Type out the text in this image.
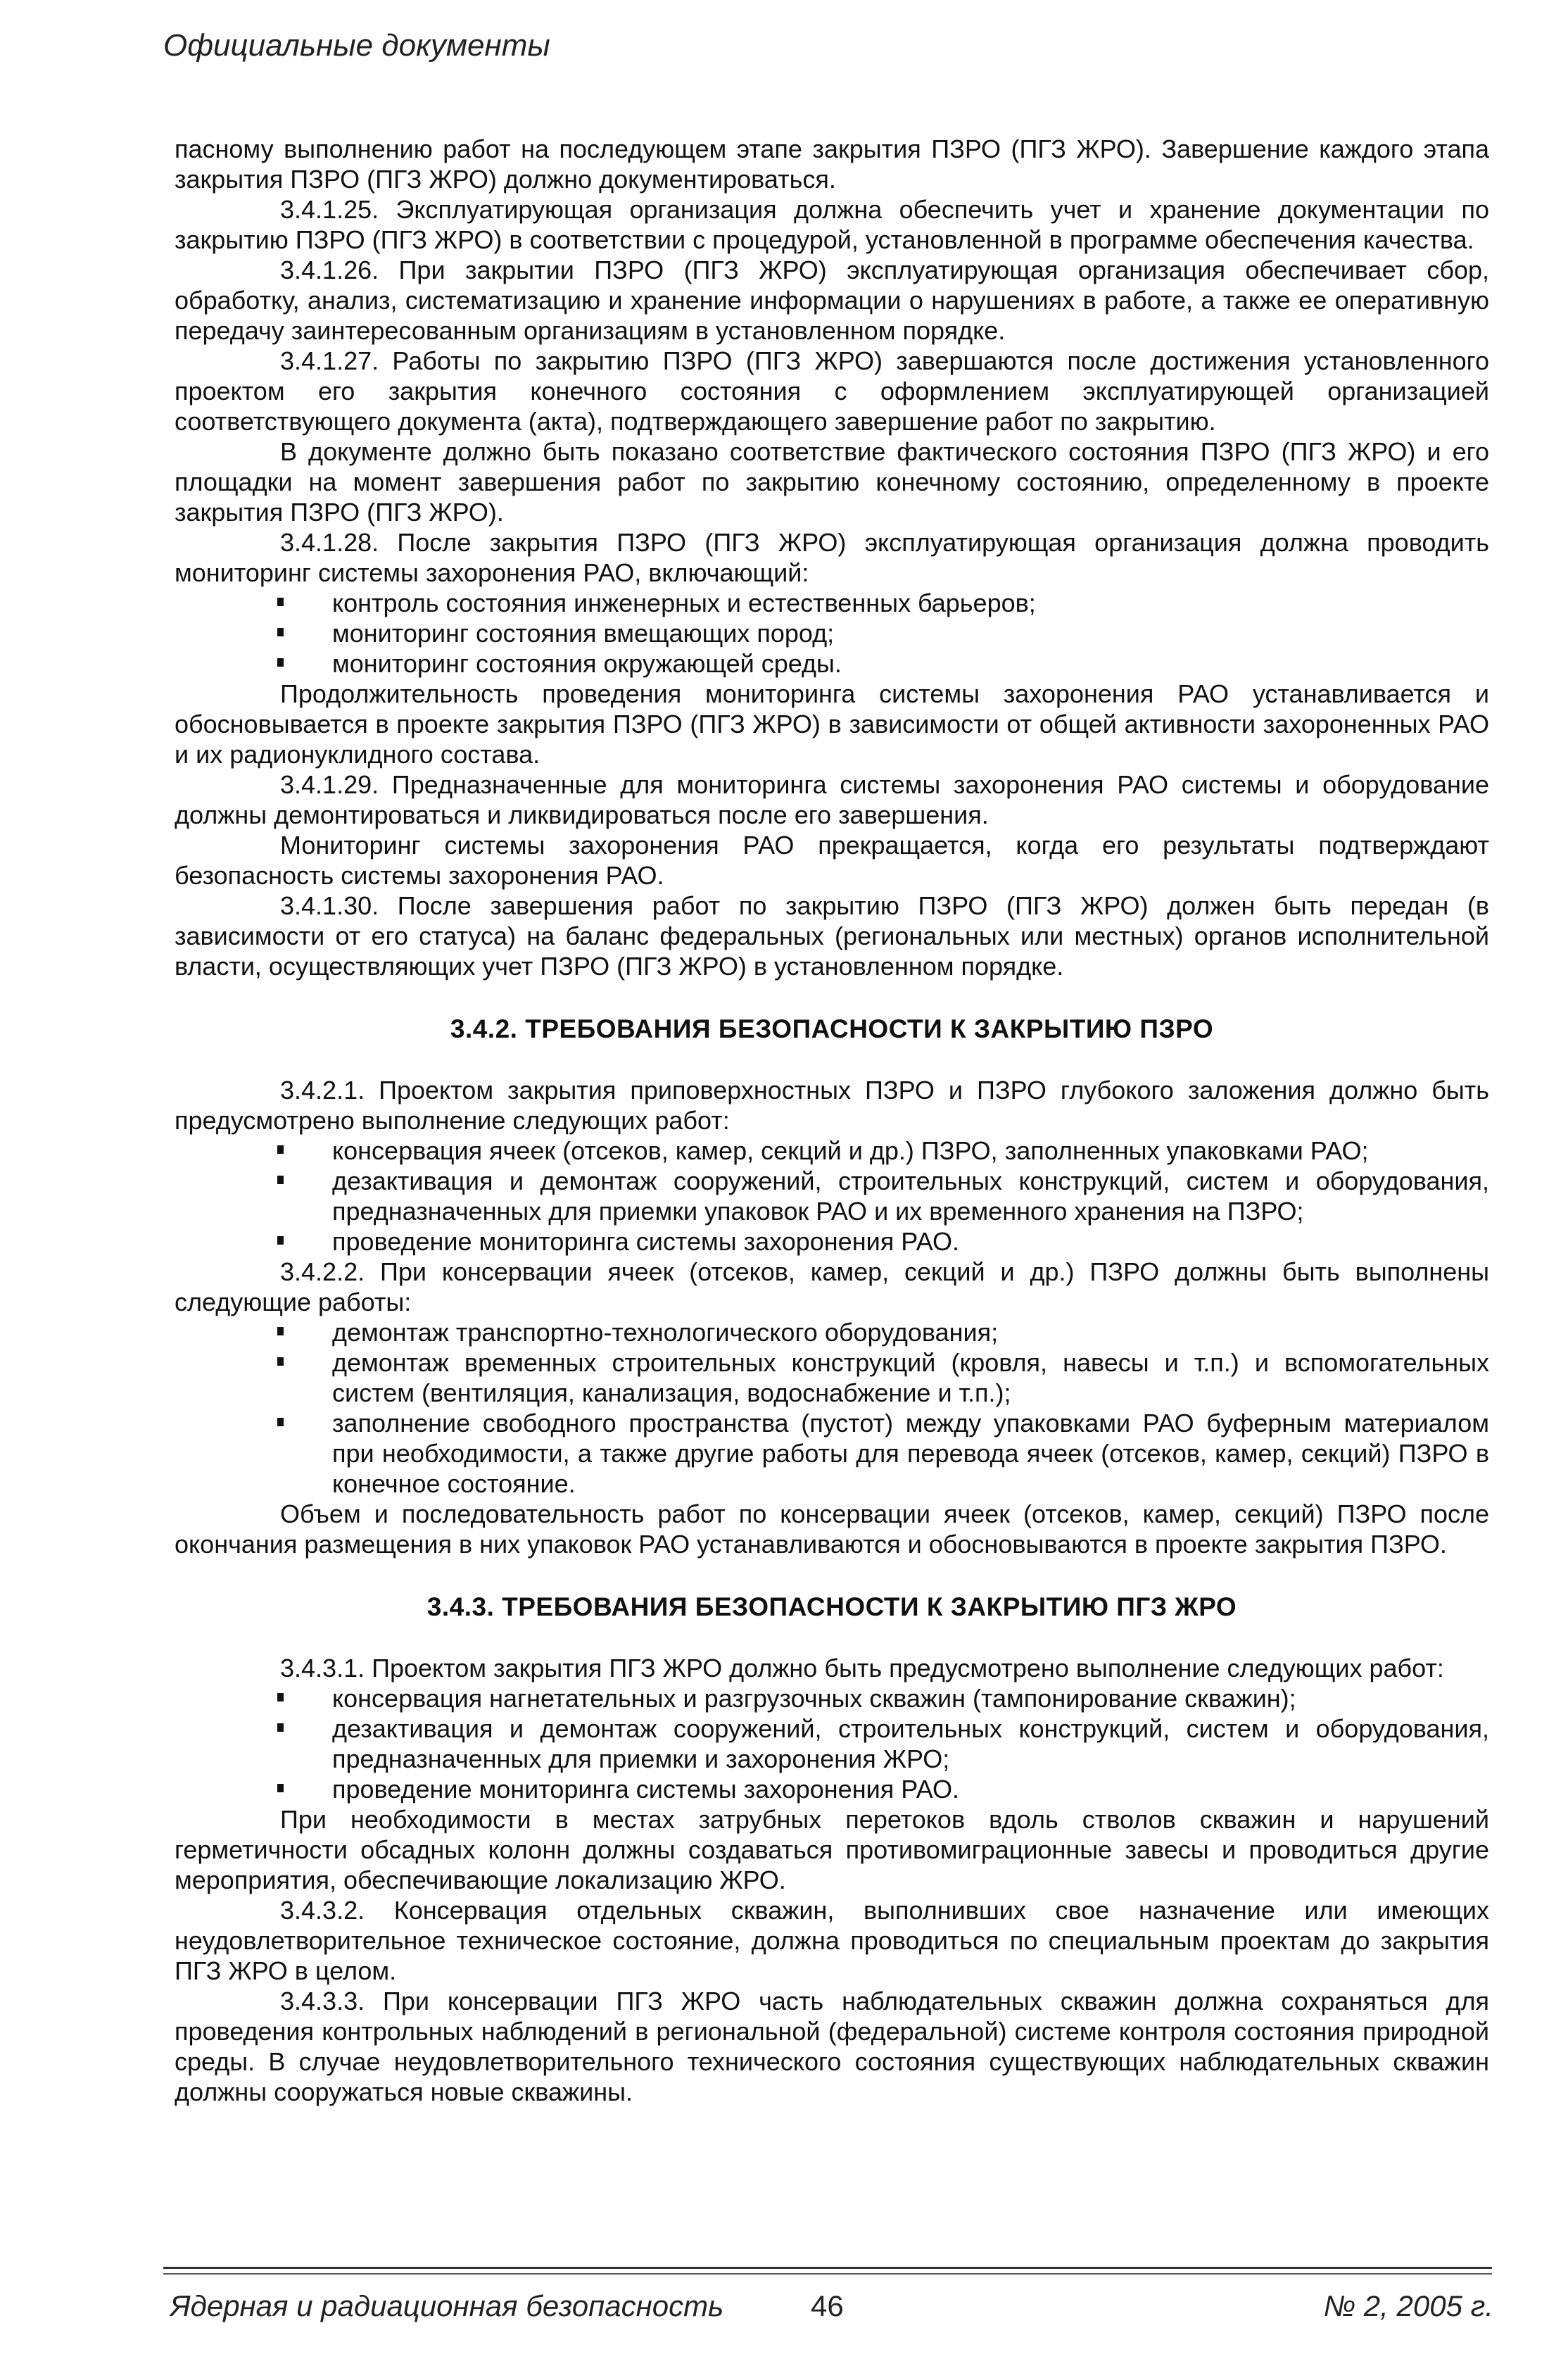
Официальные документы

пасному выполнению работ на последующем этапе закрытия ПЗРО (ПГЗ ЖРО). Завершение каждого этапа закрытия ПЗРО (ПГЗ ЖРО) должно документироваться.

3.4.1.25. Эксплуатирующая организация должна обеспечить учет и хранение документации по закрытию ПЗРО (ПГЗ ЖРО) в соответствии с процедурой, установленной в программе обеспечения качества.

3.4.1.26. При закрытии ПЗРО (ПГЗ ЖРО) эксплуатирующая организация обеспечивает сбор, обработку, анализ, систематизацию и хранение информации о нарушениях в работе, а также ее оперативную передачу заинтересованным организациям в установленном порядке.

3.4.1.27. Работы по закрытию ПЗРО (ПГЗ ЖРО) завершаются после достижения установленного проектом его закрытия конечного состояния с оформлением эксплуатирующей организацией соответствующего документа (акта), подтверждающего завершение работ по закрытию.

В документе должно быть показано соответствие фактического состояния ПЗРО (ПГЗ ЖРО) и его площадки на момент завершения работ по закрытию конечному состоянию, определенному в проекте закрытия ПЗРО (ПГЗ ЖРО).

3.4.1.28. После закрытия ПЗРО (ПГЗ ЖРО) эксплуатирующая организация должна проводить мониторинг системы захоронения РАО, включающий:

контроль состояния инженерных и естественных барьеров;
мониторинг состояния вмещающих пород;
мониторинг состояния окружающей среды.

Продолжительность проведения мониторинга системы захоронения РАО устанавливается и обосновывается в проекте закрытия ПЗРО (ПГЗ ЖРО) в зависимости от общей активности захороненных РАО и их радионуклидного состава.

3.4.1.29. Предназначенные для мониторинга системы захоронения РАО системы и оборудование должны демонтироваться и ликвидироваться после его завершения.

Мониторинг системы захоронения РАО прекращается, когда его результаты подтверждают безопасность системы захоронения РАО.

3.4.1.30. После завершения работ по закрытию ПЗРО (ПГЗ ЖРО) должен быть передан (в зависимости от его статуса) на баланс федеральных (региональных или местных) органов исполнительной власти, осуществляющих учет ПЗРО (ПГЗ ЖРО) в установленном порядке.

3.4.2. ТРЕБОВАНИЯ БЕЗОПАСНОСТИ К ЗАКРЫТИЮ ПЗРО

3.4.2.1. Проектом закрытия приповерхностных ПЗРО и ПЗРО глубокого заложения должно быть предусмотрено выполнение следующих работ:

консервация ячеек (отсеков, камер, секций и др.) ПЗРО, заполненных упаковками РАО;
дезактивация и демонтаж сооружений, строительных конструкций, систем и оборудования, предназначенных для приемки упаковок РАО и их временного хранения на ПЗРО;
проведение мониторинга системы захоронения РАО.

3.4.2.2. При консервации ячеек (отсеков, камер, секций и др.) ПЗРО должны быть выполнены следующие работы:

демонтаж транспортно-технологического оборудования;
демонтаж временных строительных конструкций (кровля, навесы и т.п.) и вспомогательных систем (вентиляция, канализация, водоснабжение и т.п.);
заполнение свободного пространства (пустот) между упаковками РАО буферным материалом при необходимости, а также другие работы для перевода ячеек (отсеков, камер, секций) ПЗРО в конечное состояние.

Объем и последовательность работ по консервации ячеек (отсеков, камер, секций) ПЗРО после окончания размещения в них упаковок РАО устанавливаются и обосновываются в проекте закрытия ПЗРО.

3.4.3. ТРЕБОВАНИЯ БЕЗОПАСНОСТИ К ЗАКРЫТИЮ ПГЗ ЖРО

3.4.3.1. Проектом закрытия ПГЗ ЖРО должно быть предусмотрено выполнение следующих работ:

консервация нагнетательных и разгрузочных скважин (тампонирование скважин);
дезактивация и демонтаж сооружений, строительных конструкций, систем и оборудования, предназначенных для приемки и захоронения ЖРО;
проведение мониторинга системы захоронения РАО.

При необходимости в местах затрубных перетоков вдоль стволов скважин и нарушений герметичности обсадных колонн должны создаваться противомиграционные завесы и проводиться другие мероприятия, обеспечивающие локализацию ЖРО.

3.4.3.2. Консервация отдельных скважин, выполнивших свое назначение или имеющих неудовлетворительное техническое состояние, должна проводиться по специальным проектам до закрытия ПГЗ ЖРО в целом.

3.4.3.3. При консервации ПГЗ ЖРО часть наблюдательных скважин должна сохраняться для проведения контрольных наблюдений в региональной (федеральной) системе контроля состояния природной среды. В случае неудовлетворительного технического состояния существующих наблюдательных скважин должны сооружаться новые скважины.

Ядерная и радиационная безопасность	46	№ 2, 2005 г.
